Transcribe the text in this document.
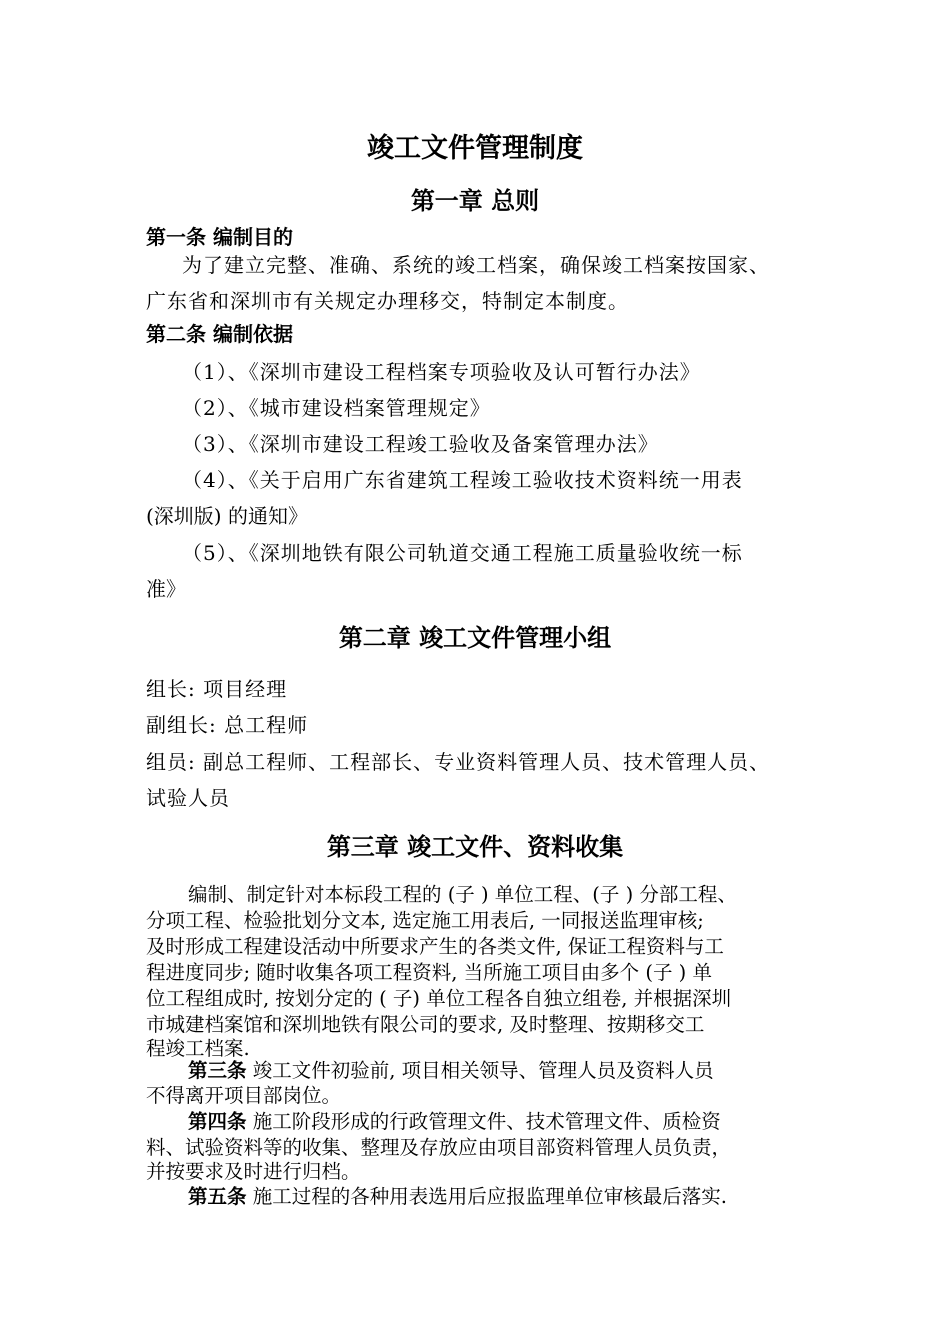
竣工文件管理制度
第一章 总则
第一条 编制目的
为了建立完整、准确、系统的竣工档案，确保竣工档案按国家、
广东省和深圳市有关规定办理移交，特制定本制度。
第二条 编制依据
（1）、《深圳市建设工程档案专项验收及认可暂行办法》
（2）、《城市建设档案管理规定》
（3）、《深圳市建设工程竣工验收及备案管理办法》
（4）、《关于启用广东省建筑工程竣工验收技术资料统一用表
(深圳版) 的通知》
（5）、《深圳地铁有限公司轨道交通工程施工质量验收统一标
准》
第二章 竣工文件管理小组
组长: 项目经理
副组长: 总工程师
组员: 副总工程师、工程部长、专业资料管理人员、技术管理人员、
试验人员
第三章 竣工文件、资料收集
编制、制定针对本标段工程的 (子 ) 单位工程、(子 ) 分部工程、
分项工程、检验批划分文本, 选定施工用表后, 一同报送监理审核;
及时形成工程建设活动中所要求产生的各类文件, 保证工程资料与工
程进度同步; 随时收集各项工程资料, 当所施工项目由多个 (子 ) 单
位工程组成时, 按划分定的 ( 子) 单位工程各自独立组卷, 并根据深圳
市城建档案馆和深圳地铁有限公司的要求, 及时整理、按期移交工
程竣工档案.
第三条 竣工文件初验前, 项目相关领导、管理人员及资料人员
不得离开项目部岗位。
第四条 施工阶段形成的行政管理文件、技术管理文件、质检资
料、试验资料等的收集、整理及存放应由项目部资料管理人员负责，
并按要求及时进行归档。
第五条 施工过程的各种用表选用后应报监理单位审核最后落实.
